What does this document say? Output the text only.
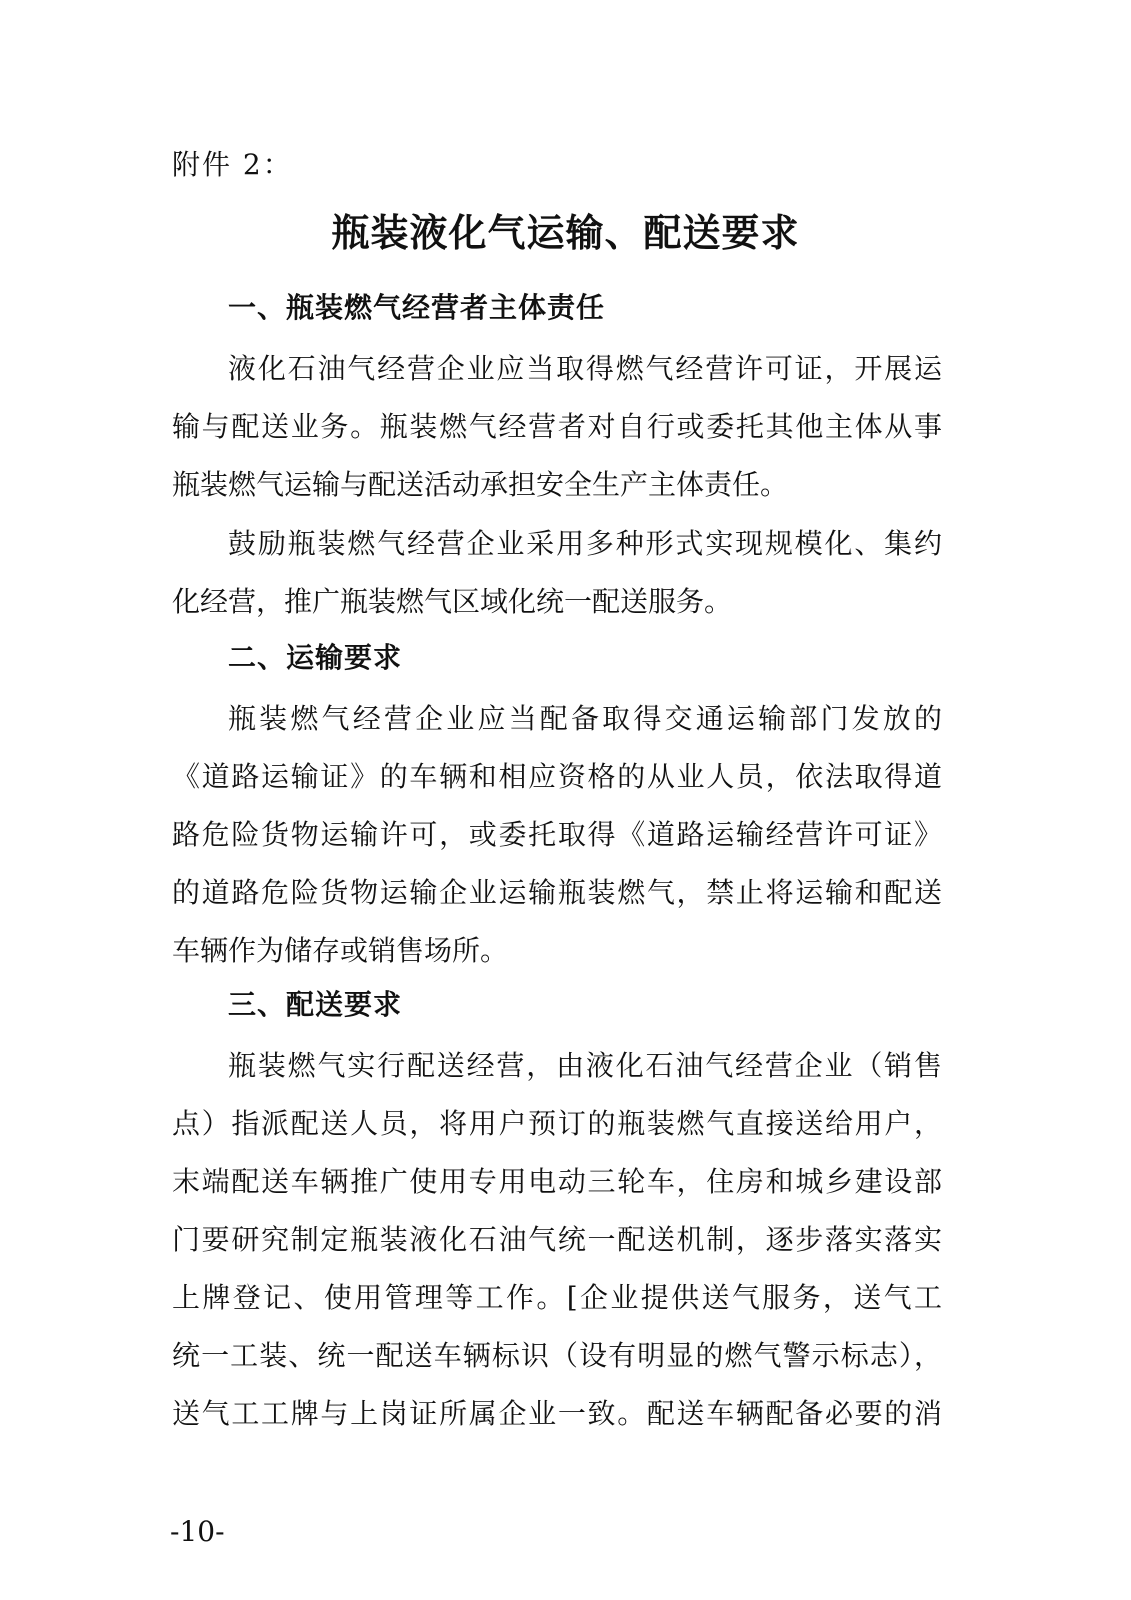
附件 2：
瓶装液化气运输、配送要求
一、瓶装燃气经营者主体责任
液化石油气经营企业应当取得燃气经营许可证，开展运
输与配送业务。瓶装燃气经营者对自行或委托其他主体从事
瓶装燃气运输与配送活动承担安全生产主体责任。
鼓励瓶装燃气经营企业采用多种形式实现规模化、集约
化经营，推广瓶装燃气区域化统一配送服务。
二、运输要求
瓶装燃气经营企业应当配备取得交通运输部门发放的
《道路运输证》的车辆和相应资格的从业人员，依法取得道
路危险货物运输许可，或委托取得《道路运输经营许可证》
的道路危险货物运输企业运输瓶装燃气，禁止将运输和配送
车辆作为储存或销售场所。
三、配送要求
瓶装燃气实行配送经营，由液化石油气经营企业（销售
点）指派配送人员，将用户预订的瓶装燃气直接送给用户，
末端配送车辆推广使用专用电动三轮车，住房和城乡建设部
门要研究制定瓶装液化石油气统一配送机制，逐步落实落实
上牌登记、使用管理等工作。[企业提供送气服务，送气工
统一工装、统一配送车辆标识（设有明显的燃气警示标志），
送气工工牌与上岗证所属企业一致。配送车辆配备必要的消
-10-
